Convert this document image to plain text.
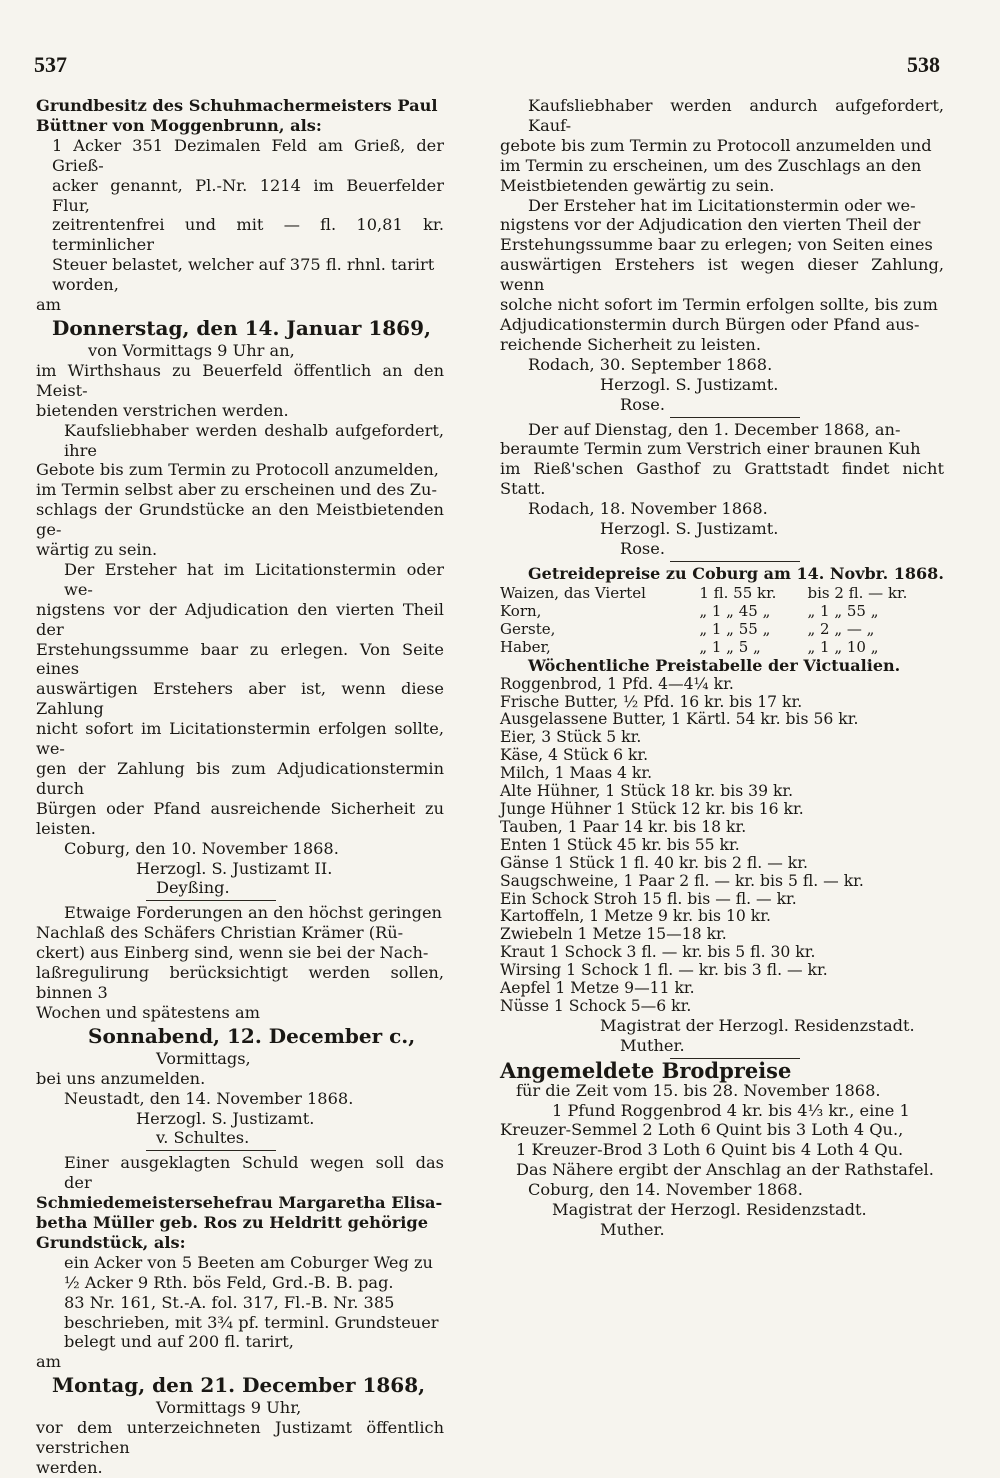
537	538

Grundbesitz des Schuhmachermeisters Paul

Büttner von Moggenbrunn, als:

1 Acker 351 Dezimalen Feld am Grieß, der Grieß-

acker genannt, Pl.-Nr. 1214 im Beuerfelder Flur,

zeitrentenfrei und mit — fl. 10,81 kr. terminlicher

Steuer belastet, welcher auf 375 fl. rhnl. tarirt

worden,

am

Donnerstag, den 14. Januar 1869,

von Vormittags 9 Uhr an,

im Wirthshaus zu Beuerfeld öffentlich an den Meist-

bietenden verstrichen werden.

Kaufsliebhaber werden deshalb aufgefordert, ihre

Gebote bis zum Termin zu Protocoll anzumelden,

im Termin selbst aber zu erscheinen und des Zu-

schlags der Grundstücke an den Meistbietenden ge-

wärtig zu sein.

Der Ersteher hat im Licitationstermin oder we-

nigstens vor der Adjudication den vierten Theil der

Erstehungssumme baar zu erlegen. Von Seite eines

auswärtigen Erstehers aber ist, wenn diese Zahlung

nicht sofort im Licitationstermin erfolgen sollte, we-

gen der Zahlung bis zum Adjudicationstermin durch

Bürgen oder Pfand ausreichende Sicherheit zu leisten.

Coburg, den 10. November 1868.

Herzogl. S. Justizamt II.

Deyßing.

Etwaige Forderungen an den höchst geringen

Nachlaß des Schäfers Christian Krämer (Rü-

ckert) aus Einberg sind, wenn sie bei der Nach-

laßregulirung berücksichtigt werden sollen, binnen 3

Wochen und spätestens am

Sonnabend, 12. December c.,

Vormittags,

bei uns anzumelden.

Neustadt, den 14. November 1868.

Herzogl. S. Justizamt.

v. Schultes.

Einer ausgeklagten Schuld wegen soll das der

Schmiedemeistersehefrau Margaretha Elisa-

betha Müller geb. Ros zu Heldritt gehörige

Grundstück, als:

ein Acker von 5 Beeten am Coburger Weg zu

½ Acker 9 Rth. bös Feld, Grd.-B. B. pag.

83 Nr. 161, St.-A. fol. 317, Fl.-B. Nr. 385

beschrieben, mit 3¾ pf. terminl. Grundsteuer

belegt und auf 200 fl. tarirt,

am

Montag, den 21. December 1868,

Vormittags 9 Uhr,

vor dem unterzeichneten Justizamt öffentlich verstrichen

werden.

Kaufsliebhaber werden andurch aufgefordert, Kauf-

gebote bis zum Termin zu Protocoll anzumelden und

im Termin zu erscheinen, um des Zuschlags an den

Meistbietenden gewärtig zu sein.

Der Ersteher hat im Licitationstermin oder we-

nigstens vor der Adjudication den vierten Theil der

Erstehungssumme baar zu erlegen; von Seiten eines

auswärtigen Erstehers ist wegen dieser Zahlung, wenn

solche nicht sofort im Termin erfolgen sollte, bis zum

Adjudicationstermin durch Bürgen oder Pfand aus-

reichende Sicherheit zu leisten.

Rodach, 30. September 1868.

Herzogl. S. Justizamt.

Rose.

Der auf Dienstag, den 1. December 1868, an-

beraumte Termin zum Verstrich einer braunen Kuh

im Rieß'schen Gasthof zu Grattstadt findet nicht Statt.

Rodach, 18. November 1868.

Herzogl. S. Justizamt.

Rose.

Getreidepreise zu Coburg am 14. Novbr. 1868.

Waizen, das Viertel	1 fl. 55 kr.	bis 2 fl. — kr.
Korn,	„ 1 „ 45 „	„ 1 „ 55 „
Gerste,	„ 1 „ 55 „	„ 2 „ — „
Haber,	„ 1 „ 5 „	„ 1 „ 10 „

Wöchentliche Preistabelle der Victualien.

Roggenbrod, 1 Pfd. 4—4¼ kr.
Frische Butter, ½ Pfd. 16 kr. bis 17 kr.
Ausgelassene Butter, 1 Kärtl. 54 kr. bis 56 kr.
Eier, 3 Stück 5 kr.
Käse, 4 Stück 6 kr.
Milch, 1 Maas 4 kr.
Alte Hühner, 1 Stück 18 kr. bis 39 kr.
Junge Hühner 1 Stück 12 kr. bis 16 kr.
Tauben, 1 Paar 14 kr. bis 18 kr.
Enten 1 Stück 45 kr. bis 55 kr.
Gänse 1 Stück 1 fl. 40 kr. bis 2 fl. — kr.
Saugschweine, 1 Paar 2 fl. — kr. bis 5 fl. — kr.
Ein Schock Stroh 15 fl. bis — fl. — kr.
Kartoffeln, 1 Metze 9 kr. bis 10 kr.
Zwiebeln 1 Metze 15—18 kr.
Kraut 1 Schock 3 fl. — kr. bis 5 fl. 30 kr.
Wirsing 1 Schock 1 fl. — kr. bis 3 fl. — kr.
Aepfel 1 Metze 9—11 kr.
Nüsse 1 Schock 5—6 kr.

Magistrat der Herzogl. Residenzstadt.

Muther.

Angemeldete Brodpreise

für die Zeit vom 15. bis 28. November 1868.

1 Pfund Roggenbrod 4 kr. bis 4⅓ kr., eine 1

Kreuzer-Semmel 2 Loth 6 Quint bis 3 Loth 4 Qu.,

1 Kreuzer-Brod 3 Loth 6 Quint bis 4 Loth 4 Qu.

Das Nähere ergibt der Anschlag an der Rathstafel.

Coburg, den 14. November 1868.

Magistrat der Herzogl. Residenzstadt.

Muther.
